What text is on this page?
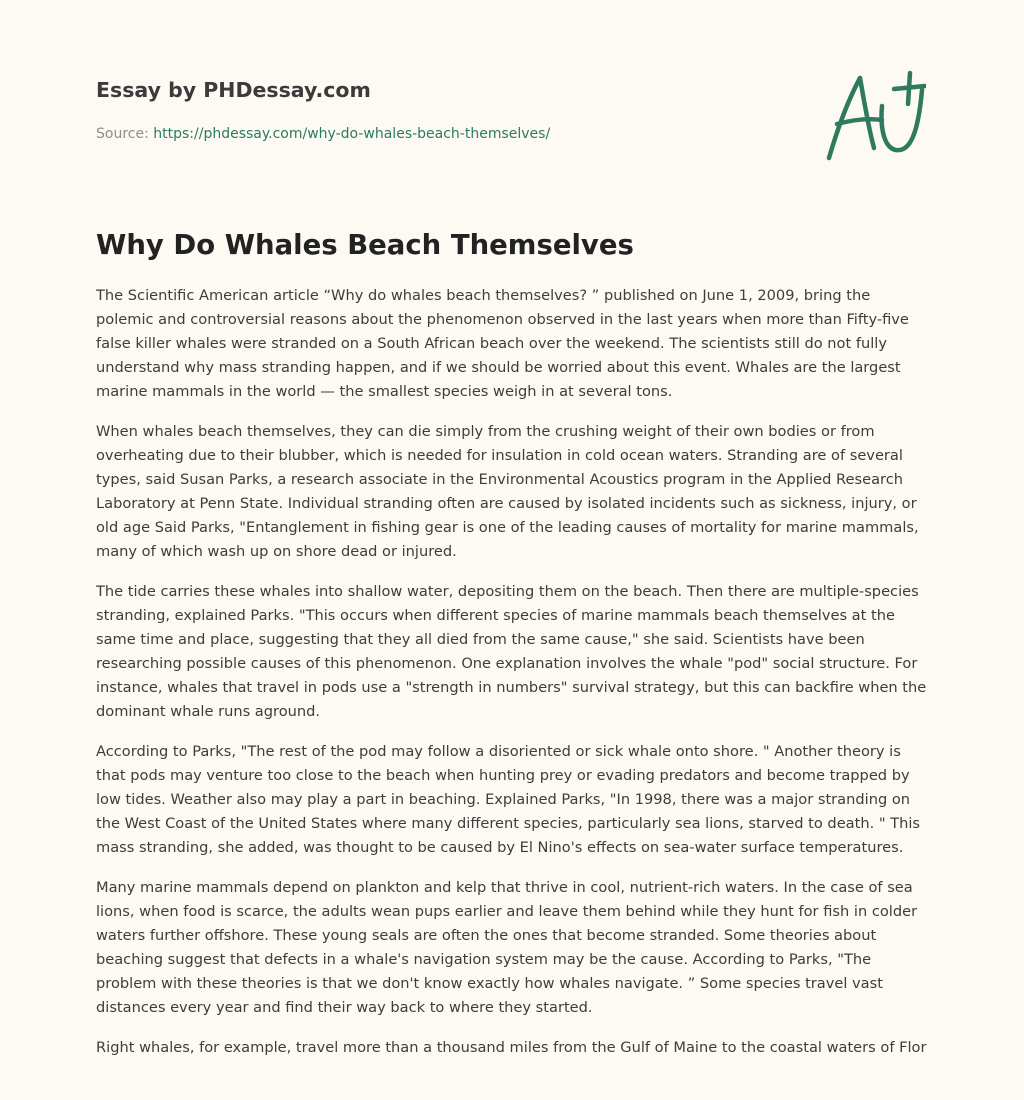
Essay by PHDessay.com
Source: https://phdessay.com/why-do-whales-beach-themselves/
Why Do Whales Beach Themselves

The Scientific American article “Why do whales beach themselves? ” published on June 1, 2009, bring the polemic and controversial reasons about the phenomenon observed in the last years when more than Fifty-five false killer whales were stranded on a South African beach over the weekend. The scientists still do not fully understand why mass stranding happen, and if we should be worried about this event. Whales are the largest marine mammals in the world — the smallest species weigh in at several tons.

When whales beach themselves, they can die simply from the crushing weight of their own bodies or from overheating due to their blubber, which is needed for insulation in cold ocean waters. Stranding are of several types, said Susan Parks, a research associate in the Environmental Acoustics program in the Applied Research Laboratory at Penn State. Individual stranding often are caused by isolated incidents such as sickness, injury, or old age Said Parks, "Entanglement in fishing gear is one of the leading causes of mortality for marine mammals, many of which wash up on shore dead or injured.

The tide carries these whales into shallow water, depositing them on the beach. Then there are multiple-species stranding, explained Parks. "This occurs when different species of marine mammals beach themselves at the same time and place, suggesting that they all died from the same cause," she said. Scientists have been researching possible causes of this phenomenon. One explanation involves the whale "pod" social structure. For instance, whales that travel in pods use a "strength in numbers" survival strategy, but this can backfire when the dominant whale runs aground.

According to Parks, "The rest of the pod may follow a disoriented or sick whale onto shore. " Another theory is that pods may venture too close to the beach when hunting prey or evading predators and become trapped by low tides. Weather also may play a part in beaching. Explained Parks, "In 1998, there was a major stranding on the West Coast of the United States where many different species, particularly sea lions, starved to death. " This mass stranding, she added, was thought to be caused by El Nino's effects on sea-water surface temperatures.

Many marine mammals depend on plankton and kelp that thrive in cool, nutrient-rich waters. In the case of sea lions, when food is scarce, the adults wean pups earlier and leave them behind while they hunt for fish in colder waters further offshore. These young seals are often the ones that become stranded. Some theories about beaching suggest that defects in a whale's navigation system may be the cause. According to Parks, "The problem with these theories is that we don't know exactly how whales navigate. ” Some species travel vast distances every year and find their way back to where they started.

Right whales, for example, travel more than a thousand miles from the Gulf of Maine to the coastal waters of Flor
